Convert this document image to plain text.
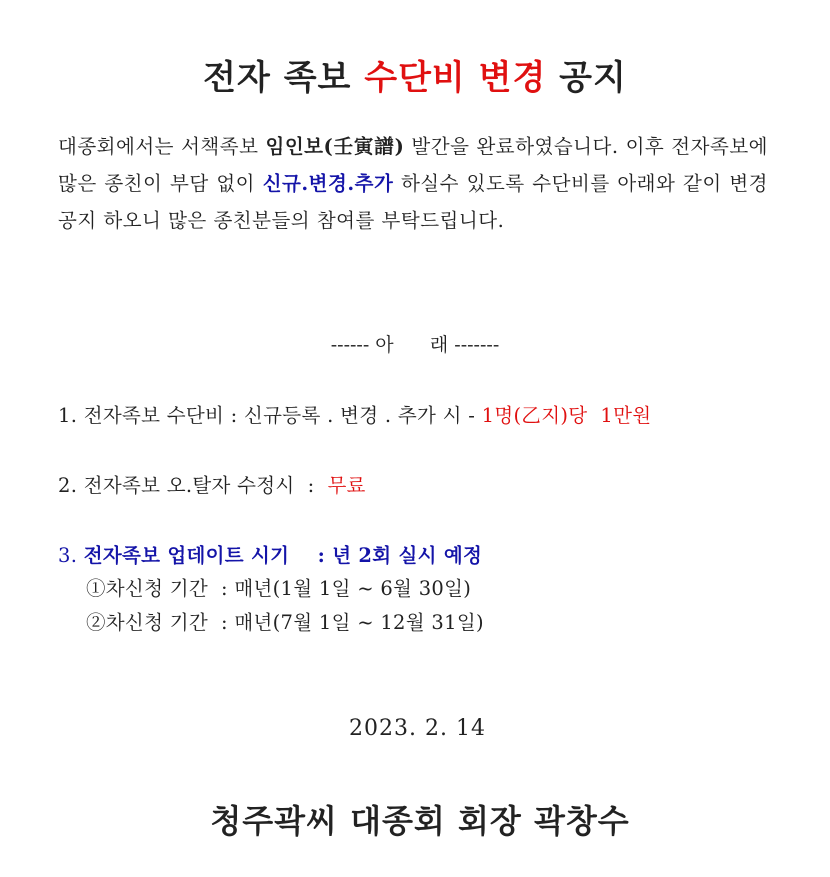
전자 족보 수단비 변경 공지
대종회에서는 서책족보 임인보(壬寅譜) 발간을 완료하였습니다. 이후 전자족보에 많은 종친이 부담 없이 신규.변경.추가 하실수 있도록 수단비를 아래와 같이 변경 공지 하오니 많은 종친분들의 참여를 부탁드립니다.
------ 아      래 -------
1. 전자족보 수단비 : 신규등록 . 변경 . 추가 시 - 1명(乙지)당  1만원
2. 전자족보 오.탈자 수정시  :  무료
3. 전자족보 업데이트 시기    : 년 2회 실시 예정
①차신청 기간  : 매년(1월 1일 ~ 6월 30일)
②차신청 기간  : 매년(7월 1일 ~ 12월 31일)
2023. 2. 14
청주곽씨 대종회 회장 곽창수
